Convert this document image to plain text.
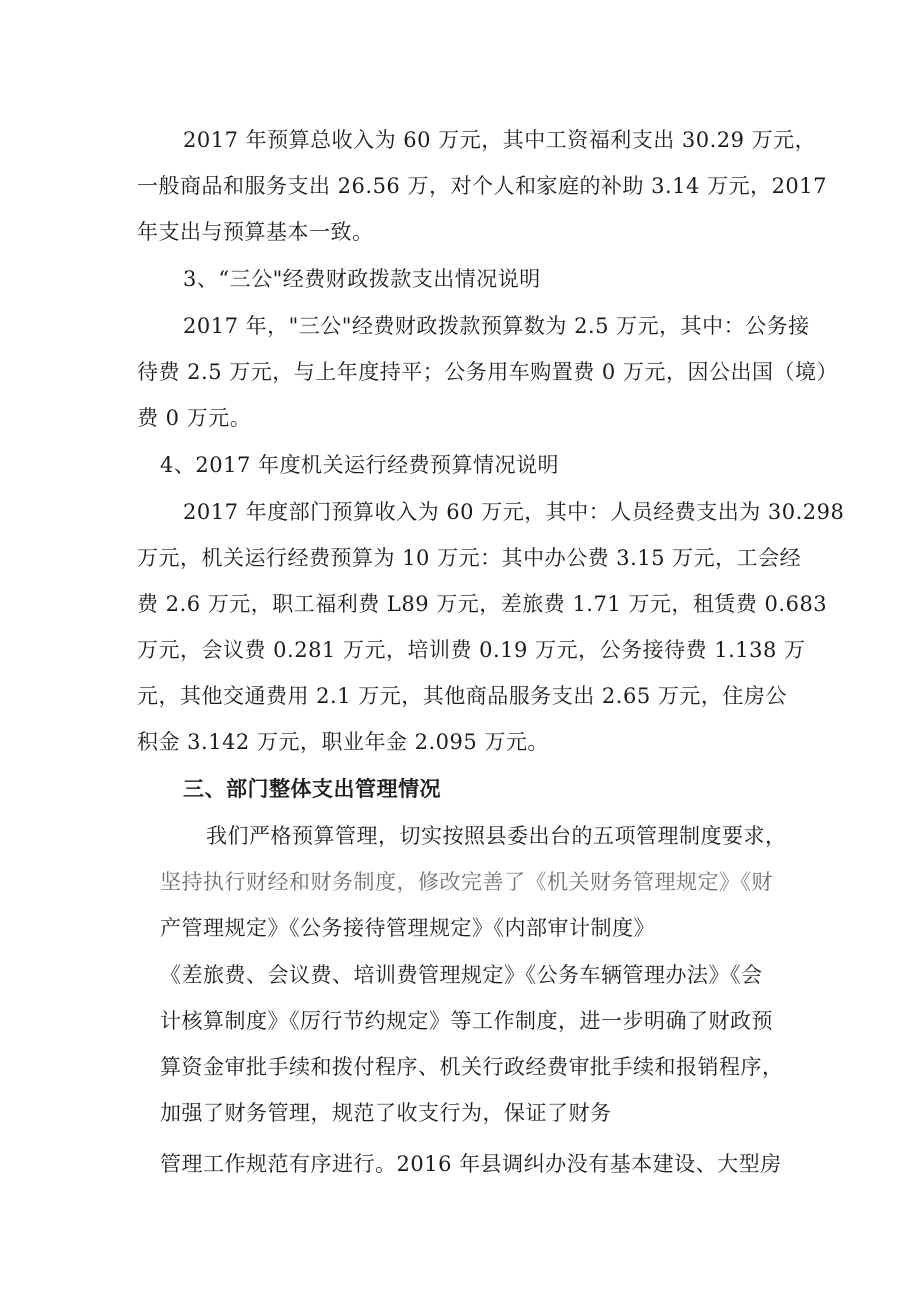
2017 年预算总收入为 60 万元，其中工资福利支出 30.29 万元，
一般商品和服务支出 26.56 万，对个人和家庭的补助 3.14 万元，2017
年支出与预算基本一致。
3、“三公"经费财政拨款支出情况说明
2017 年，"三公"经费财政拨款预算数为 2.5 万元，其中：公务接
待费 2.5 万元，与上年度持平；公务用车购置费 0 万元，因公出国（境）
费 0 万元。
4、2017 年度机关运行经费预算情况说明
2017 年度部门预算收入为 60 万元，其中：人员经费支出为 30.298
万元，机关运行经费预算为 10 万元：其中办公费 3.15 万元，工会经
费 2.6 万元，职工福利费 L89 万元，差旅费 1.71 万元，租赁费 0.683
万元，会议费 0.281 万元，培训费 0.19 万元，公务接待费 1.138 万
元，其他交通费用 2.1 万元，其他商品服务支出 2.65 万元，住房公
积金 3.142 万元，职业年金 2.095 万元。
三、部门整体支出管理情况
我们严格预算管理，切实按照县委出台的五项管理制度要求，
坚持执行财经和财务制度，修改完善了《机关财务管理规定》《财
产管理规定》《公务接待管理规定》《内部审计制度》
《差旅费、会议费、培训费管理规定》《公务车辆管理办法》《会
计核算制度》《厉行节约规定》等工作制度，进一步明确了财政预
算资金审批手续和拨付程序、机关行政经费审批手续和报销程序，
加强了财务管理，规范了收支行为，保证了财务
管理工作规范有序进行。2016 年县调纠办没有基本建设、大型房
